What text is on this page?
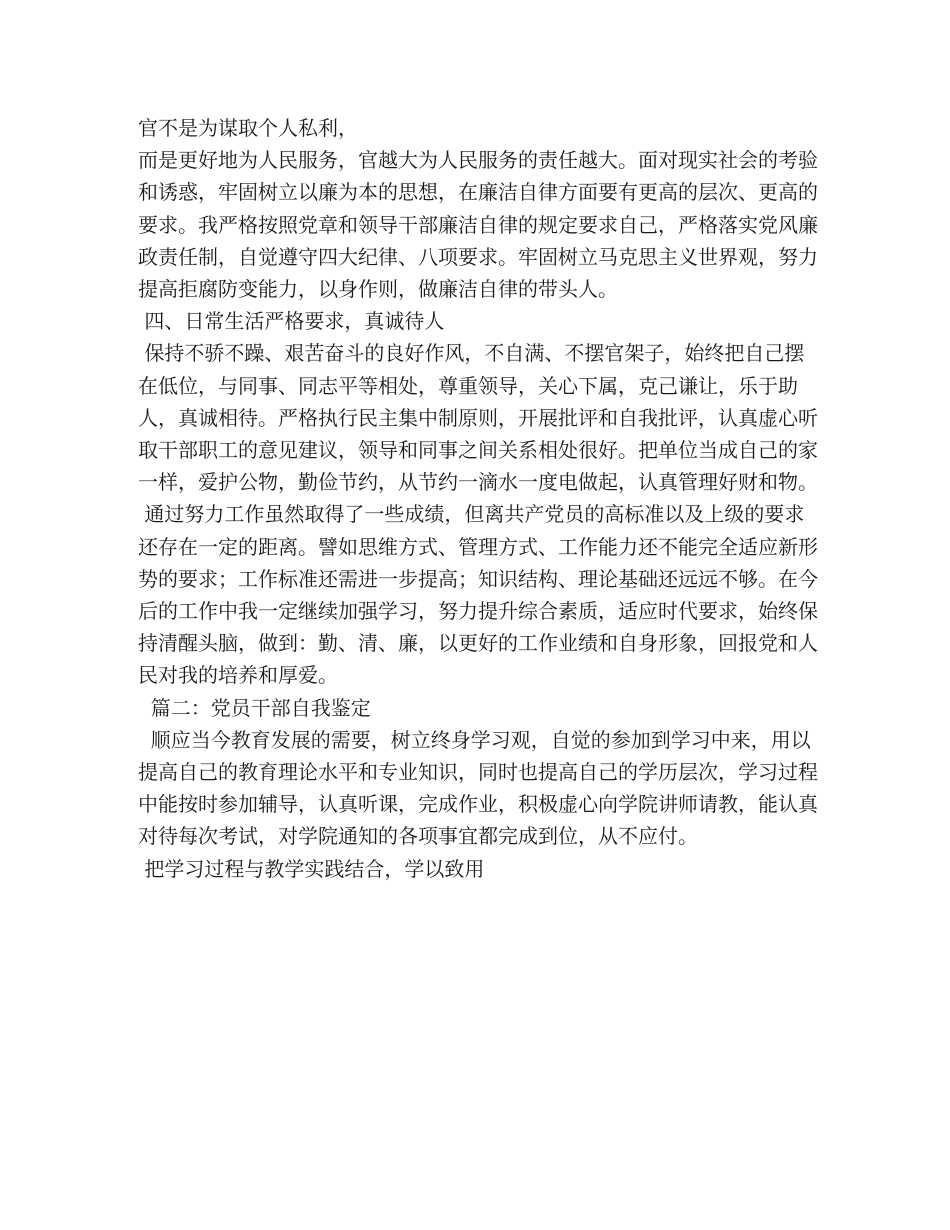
官不是为谋取个人私利，

而是更好地为人民服务，官越大为人民服务的责任越大。面对现实社会的考验和诱惑，牢固树立以廉为本的思想，在廉洁自律方面要有更高的层次、更高的要求。我严格按照党章和领导干部廉洁自律的规定要求自己，严格落实党风廉政责任制，自觉遵守四大纪律、八项要求。牢固树立马克思主义世界观，努力提高拒腐防变能力，以身作则，做廉洁自律的带头人。

四、日常生活严格要求，真诚待人

保持不骄不躁、艰苦奋斗的良好作风，不自满、不摆官架子，始终把自己摆在低位，与同事、同志平等相处，尊重领导，关心下属，克己谦让，乐于助人，真诚相待。严格执行民主集中制原则，开展批评和自我批评，认真虚心听取干部职工的意见建议，领导和同事之间关系相处很好。把单位当成自己的家一样，爱护公物，勤俭节约，从节约一滴水一度电做起，认真管理好财和物。

通过努力工作虽然取得了一些成绩，但离共产党员的高标准以及上级的要求还存在一定的距离。譬如思维方式、管理方式、工作能力还不能完全适应新形势的要求；工作标准还需进一步提高；知识结构、理论基础还远远不够。在今后的工作中我一定继续加强学习，努力提升综合素质，适应时代要求，始终保持清醒头脑，做到：勤、清、廉，以更好的工作业绩和自身形象，回报党和人民对我的培养和厚爱。

篇二：党员干部自我鉴定

顺应当今教育发展的需要，树立终身学习观，自觉的参加到学习中来，用以提高自己的教育理论水平和专业知识，同时也提高自己的学历层次，学习过程中能按时参加辅导，认真听课，完成作业，积极虚心向学院讲师请教，能认真对待每次考试，对学院通知的各项事宜都完成到位，从不应付。

把学习过程与教学实践结合，学以致用
